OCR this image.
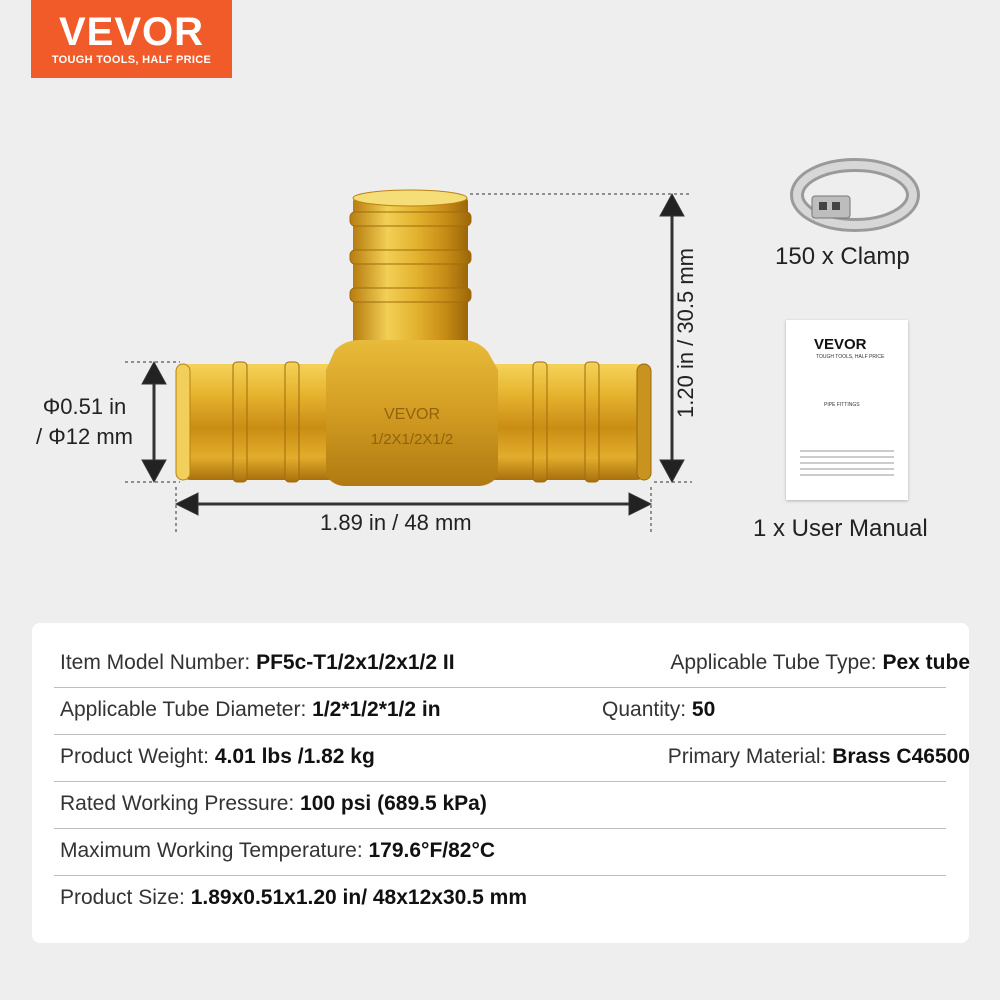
VEVOR
TOUGH TOOLS, HALF PRICE
VEVOR
1/2X1/2X1/2
Φ0.51 in
/ Φ12 mm
1.89 in / 48 mm
1.20 in / 30.5 mm	150 x Clamp
VEVOR
TOUGH TOOLS, HALF PRICE
PIPE FITTINGS
1 x User Manual
Item Model Number: PF5c-T1/2x1/2x1/2 II	Applicable Tube Type: Pex tube
Applicable Tube Diameter: 1/2*1/2*1/2 in	Quantity: 50
Product Weight: 4.01 lbs /1.82 kg	Primary Material: Brass C46500
Rated Working Pressure: 100 psi (689.5 kPa)
Maximum Working Temperature: 179.6°F/82°C
Product Size: 1.89x0.51x1.20 in/ 48x12x30.5 mm
